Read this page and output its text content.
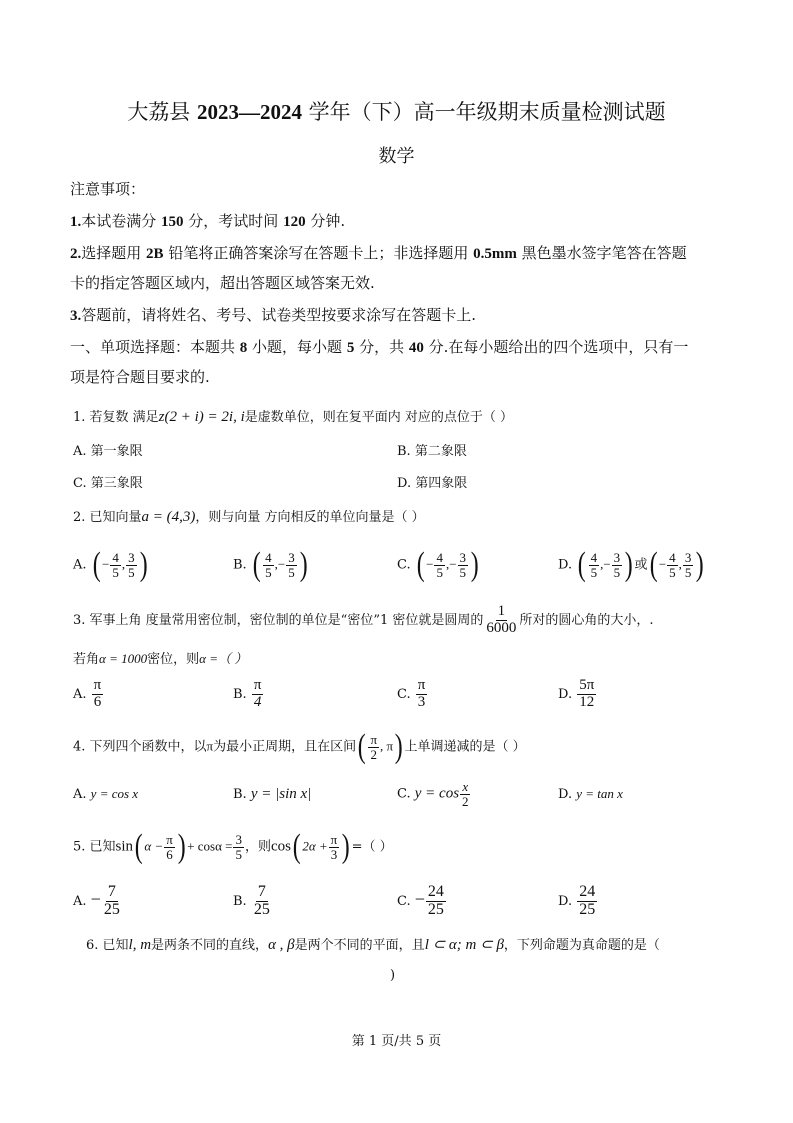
大荔县 2023—2024 学年（下）高一年级期末质量检测试题
数学
注意事项：
1.本试卷满分 150 分，考试时间 120 分钟.
2.选择题用 2B 铅笔将正确答案涂写在答题卡上；非选择题用 0.5mm 黑色墨水签字笔答在答题
卡的指定答题区域内，超出答题区域答案无效.
3.答题前，请将姓名、考号、试卷类型按要求涂写在答题卡上.
一、单项选择题：本题共 8 小题，每小题 5 分，共 40 分.在每小题给出的四个选项中，只有一
项是符合题目要求的.
1. 若复数 满足z(2 + i) = 2i, i是虚数单位，则在复平面内 对应的点位于（ ）
A. 第一象限	B. 第二象限
C. 第三象限	D. 第四象限
2. 已知向量a = (4,3)，则与向量 方向相反的单位向量是（ ）
A. ( − $\frac{4}{5}$ , $\frac{3}{5}$ )	B. ( $\frac{4}{5}$ ,− $\frac{3}{5}$ )	C. ( − $\frac{4}{5}$ ,− $\frac{3}{5}$ )	D. ( $\frac{4}{5}$ ,− $\frac{3}{5}$ ) 或( − $\frac{4}{5}$ , $\frac{3}{5}$ )
3. 军事上角 度量常用密位制，密位制的单位是“密位”1 密位就是圆周的 $\frac{1}{6000}$ 所对的圆心角的大小，.
若角α = 1000密位，则α =（ ）
A. $\frac{\pi}{6}$	B. $\frac{\pi}{4}$	C. $\frac{\pi}{3}$	D. $\frac{5\pi}{12}$
4. 下列四个函数中，以π为最小正周期，且在区间( $\frac{\pi}{2}$ , π) 上单调递减的是（ ）
A. y = cos x	B. y = |sin x|	C. $y = \cos \frac{x}{2}$	D. y = tan x
5. 已知sin( $\alpha - \frac{\pi}{6}$ ) + $\cos\alpha = \frac{3}{5}$ ，则cos( $2\alpha + \frac{\pi}{3}$ ) =（ ）
A. − $\frac{7}{25}$	B. $\frac{7}{25}$	C. − $\frac{24}{25}$	D. $\frac{24}{25}$
6. 已知l, m是两条不同的直线，α , β是两个不同的平面，且l ⊂ α; m ⊂ β，下列命题为真命题的是（
)
第 1 页/共 5 页
